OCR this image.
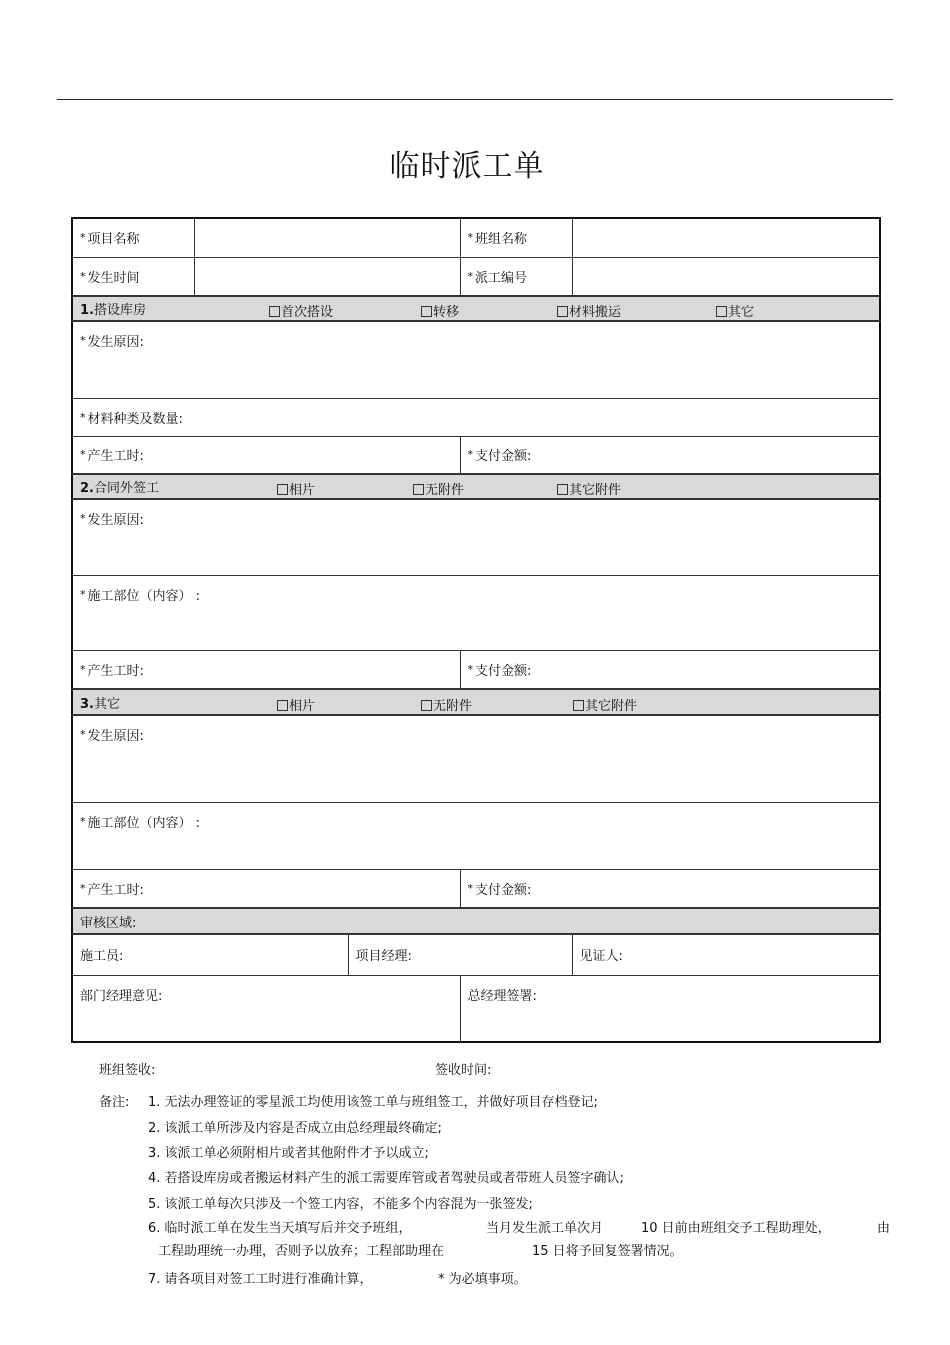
临时派工单
* 项目名称			* 班组名称	
* 发生时间			* 派工编号	
1.搭设库房 首次搭设 转移 材料搬运 其它				

* 发生原因:				
* 材料种类及数量:				
* 产生工时:			* 支付金额:	
2.合同外签工 相片 无附件 其它附件				

* 发生原因:				
* 施工部位（内容） :				
* 产生工时:			* 支付金额:	
3.其它 相片 无附件 其它附件				

* 发生原因:				
* 施工部位（内容） :				
* 产生工时:			* 支付金额:	
审核区域:				
施工员:		项目经理:		见证人:
部门经理意见:			总经理签署:	
班组签收:	签收时间:
备注: 1. 无法办理签证的零星派工均使用该签工单与班组签工，并做好项目存档登记;
2. 该派工单所涉及内容是否成立由总经理最终确定;
3. 该派工单必须附相片或者其他附件才予以成立;
4. 若搭设库房或者搬运材料产生的派工需要库管或者驾驶员或者带班人员签字确认;
5. 该派工单每次只涉及一个签工内容，不能多个内容混为一张签发;
6. 临时派工单在发生当天填写后并交予班组，	当月发生派工单次月	10 日前由班组交予工程助理处，	由
工程助理统一办理，否则予以放弃；工程部助理在	15 日将予回复签署情况。
7. 请各项目对签工工时进行准确计算，	* 为必填事项。
